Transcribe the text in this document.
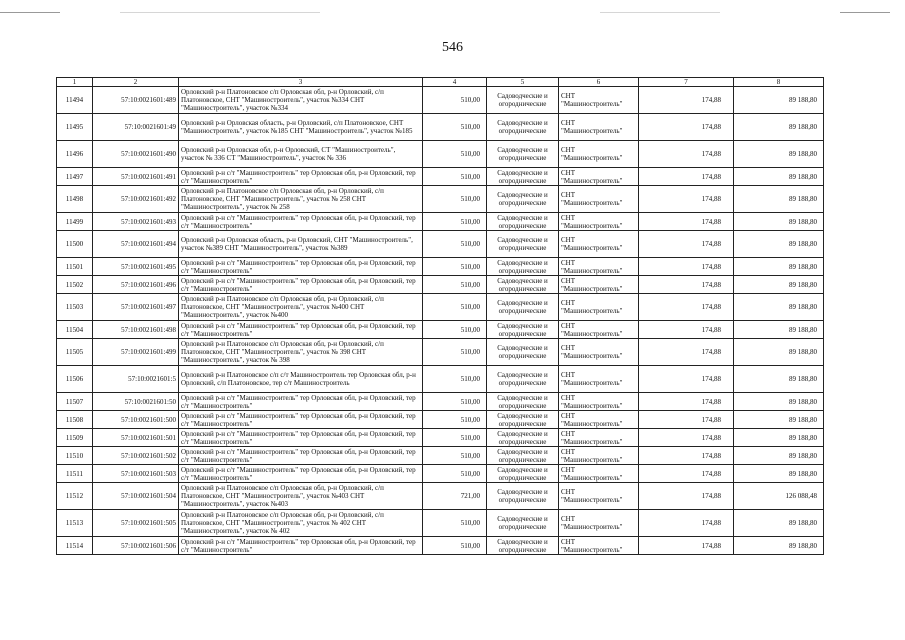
546
1	2	3	4	5	6	7	8
11494	57:10:0021601:489	Орловский р-н Платоновское с/п Орловская обл, р-н Орловский, с/п Платоновское, СНТ "Машиностроитель", участок №334 СНТ "Машиностроитель", участок №334	510,00	Садоводческие и огороднические	СНТ "Машиностроитель"	174,88	89 188,80
11495	57:10:0021601:49	Орловский р-н Орловская область, р-н Орловский, с/п Платоновское, СНТ "Машиностроитель", участок №185 СНТ "Машиностроитель", участок №185	510,00	Садоводческие и огороднические	СНТ "Машиностроитель"	174,88	89 188,80
11496	57:10:0021601:490	Орловский р-н Орловская обл, р-н Орловский, СТ "Машиностроитель", участок № 336 СТ "Машиностроитель", участок № 336	510,00	Садоводческие и огороднические	СНТ "Машиностроитель"	174,88	89 188,80
11497	57:10:0021601:491	Орловский р-н с/т "Машиностроитель" тер Орловская обл, р-н Орловский, тер с/т "Машиностроитель"	510,00	Садоводческие и огороднические	СНТ "Машиностроитель"	174,88	89 188,80
11498	57:10:0021601:492	Орловский р-н Платоновское с/п Орловская обл, р-н Орловский, с/п Платоновское, СНТ "Машиностроитель", участок № 258 СНТ "Машиностроитель", участок № 258	510,00	Садоводческие и огороднические	СНТ "Машиностроитель"	174,88	89 188,80
11499	57:10:0021601:493	Орловский р-н с/т "Машиностроитель" тер Орловская обл, р-н Орловский, тер с/т "Машиностроитель"	510,00	Садоводческие и огороднические	СНТ "Машиностроитель"	174,88	89 188,80
11500	57:10:0021601:494	Орловский р-н Орловская область, р-н Орловский, СНТ "Машиностроитель", участок №389 СНТ "Машиностроитель", участок №389	510,00	Садоводческие и огороднические	СНТ "Машиностроитель"	174,88	89 188,80
11501	57:10:0021601:495	Орловский р-н с/т "Машиностроитель" тер Орловская обл, р-н Орловский, тер с/т "Машиностроитель"	510,00	Садоводческие и огороднические	СНТ "Машиностроитель"	174,88	89 188,80
11502	57:10:0021601:496	Орловский р-н с/т "Машиностроитель" тер Орловская обл, р-н Орловский, тер с/т "Машиностроитель"	510,00	Садоводческие и огороднические	СНТ "Машиностроитель"	174,88	89 188,80
11503	57:10:0021601:497	Орловский р-н Платоновское с/п Орловская обл, р-н Орловский, с/п Платоновское, СНТ "Машиностроитель", участок №400 СНТ "Машиностроитель", участок №400	510,00	Садоводческие и огороднические	СНТ "Машиностроитель"	174,88	89 188,80
11504	57:10:0021601:498	Орловский р-н с/т "Машиностроитель" тер Орловская обл, р-н Орловский, тер с/т "Машиностроитель"	510,00	Садоводческие и огороднические	СНТ "Машиностроитель"	174,88	89 188,80
11505	57:10:0021601:499	Орловский р-н Платоновское с/п Орловская обл, р-н Орловский, с/п Платоновское, СНТ "Машиностроитель", участок № 398 СНТ "Машиностроитель", участок № 398	510,00	Садоводческие и огороднические	СНТ "Машиностроитель"	174,88	89 188,80
11506	57:10:0021601:5	Орловский р-н Платоновское с/п с/т Машиностроитель тер Орловская обл, р-н Орловский, с/п Платоновское, тер с/т Машиностроитель	510,00	Садоводческие и огороднические	СНТ "Машиностроитель"	174,88	89 188,80
11507	57:10:0021601:50	Орловский р-н с/т "Машиностроитель" тер Орловская обл, р-н Орловский, тер с/т "Машиностроитель"	510,00	Садоводческие и огороднические	СНТ "Машиностроитель"	174,88	89 188,80
11508	57:10:0021601:500	Орловский р-н с/т "Машиностроитель" тер Орловская обл, р-н Орловский, тер с/т "Машиностроитель"	510,00	Садоводческие и огороднические	СНТ "Машиностроитель"	174,88	89 188,80
11509	57:10:0021601:501	Орловский р-н с/т "Машиностроитель" тер Орловская обл, р-н Орловский, тер с/т "Машиностроитель"	510,00	Садоводческие и огороднические	СНТ "Машиностроитель"	174,88	89 188,80
11510	57:10:0021601:502	Орловский р-н с/т "Машиностроитель" тер Орловская обл, р-н Орловский, тер с/т "Машиностроитель"	510,00	Садоводческие и огороднические	СНТ "Машиностроитель"	174,88	89 188,80
11511	57:10:0021601:503	Орловский р-н с/т "Машиностроитель" тер Орловская обл, р-н Орловский, тер с/т "Машиностроитель"	510,00	Садоводческие и огороднические	СНТ "Машиностроитель"	174,88	89 188,80
11512	57:10:0021601:504	Орловский р-н Платоновское с/п Орловская обл, р-н Орловский, с/п Платоновское, СНТ "Машиностроитель", участок №403 СНТ "Машиностроитель", участок №403	721,00	Садоводческие и огороднические	СНТ "Машиностроитель"	174,88	126 088,48
11513	57:10:0021601:505	Орловский р-н Платоновское с/п Орловская обл, р-н Орловский, с/п Платоновское, СНТ "Машиностроитель", участок № 402 СНТ "Машиностроитель", участок № 402	510,00	Садоводческие и огороднические	СНТ "Машиностроитель"	174,88	89 188,80
11514	57:10:0021601:506	Орловский р-н с/т "Машиностроитель" тер Орловская обл, р-н Орловский, тер с/т "Машиностроитель"	510,00	Садоводческие и огороднические	СНТ "Машиностроитель"	174,88	89 188,80
